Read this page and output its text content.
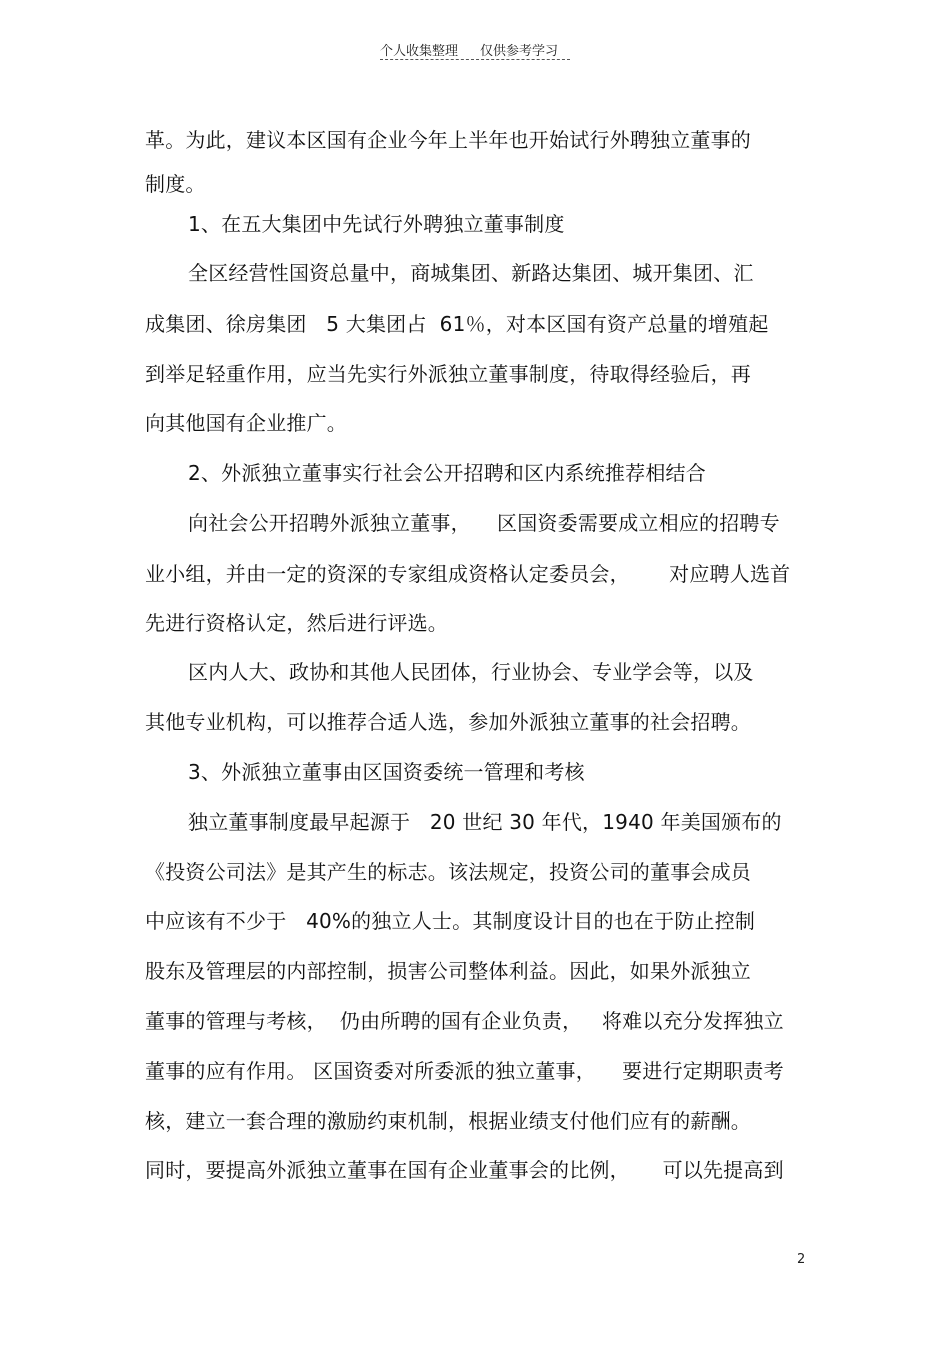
个人收集整理 仅供参考学习
革。为此，建议本区国有企业今年上半年也开始试行外聘独立董事的
制度。
1、在五大集团中先试行外聘独立董事制度
全区经营性国资总量中，商城集团、新路达集团、城开集团、汇
成集团、徐房集团   5 大集团占  61％，对本区国有资产总量的增殖起
到举足轻重作用，应当先实行外派独立董事制度，待取得经验后，再
向其他国有企业推广。
2、外派独立董事实行社会公开招聘和区内系统推荐相结合
向社会公开招聘外派独立董事，    区国资委需要成立相应的招聘专
业小组，并由一定的资深的专家组成资格认定委员会，      对应聘人选首
先进行资格认定，然后进行评选。
区内人大、政协和其他人民团体，行业协会、专业学会等，以及
其他专业机构，可以推荐合适人选，参加外派独立董事的社会招聘。
3、外派独立董事由区国资委统一管理和考核
独立董事制度最早起源于   20 世纪 30 年代，1940 年美国颁布的
《投资公司法》是其产生的标志。该法规定，投资公司的董事会成员
中应该有不少于   40%的独立人士。其制度设计目的也在于防止控制
股东及管理层的内部控制，损害公司整体利益。因此，如果外派独立
董事的管理与考核，  仍由所聘的国有企业负责，   将难以充分发挥独立
董事的应有作用。 区国资委对所委派的独立董事，    要进行定期职责考
核，建立一套合理的激励约束机制，根据业绩支付他们应有的薪酬。
同时，要提高外派独立董事在国有企业董事会的比例，     可以先提高到
2
